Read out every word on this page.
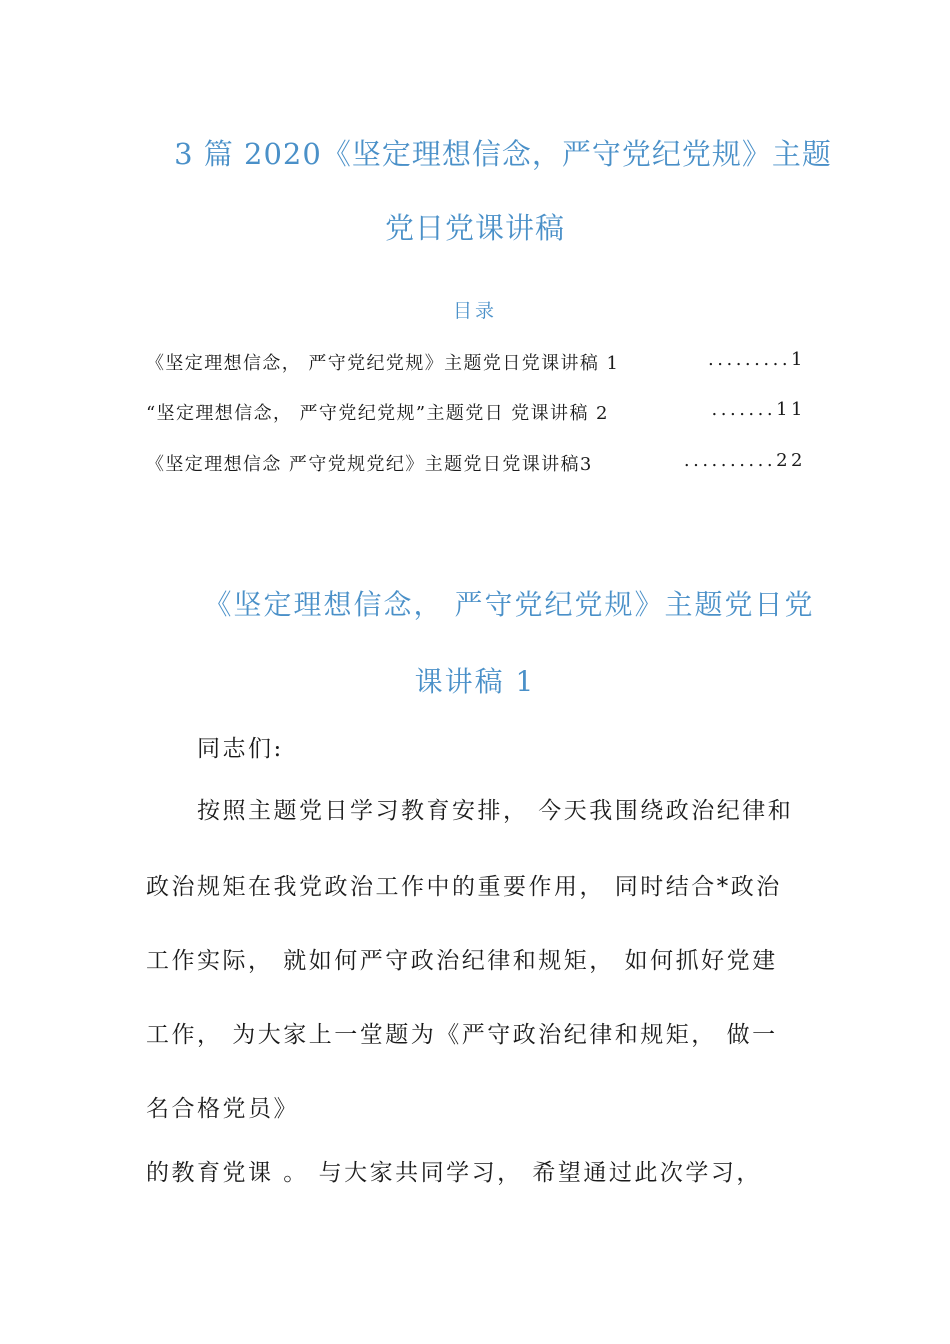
3 篇 2020《坚定理想信念，严守党纪党规》主题
党日党课讲稿
目录
《坚定理想信念， 严守党纪党规》主题党日党课讲稿 1	.........1
“坚定理想信念， 严守党纪党规”主题党日 党课讲稿 2	.......11
《坚定理想信念 严守党规党纪》主题党日党课讲稿3	..........22
《坚定理想信念， 严守党纪党规》主题党日党
课讲稿 1
同志们:
按照主题党日学习教育安排， 今天我围绕政治纪律和
政治规矩在我党政治工作中的重要作用， 同时结合*政治
工作实际， 就如何严守政治纪律和规矩， 如何抓好党建
工作， 为大家上一堂题为《严守政治纪律和规矩， 做一
名合格党员》
的教育党课 。 与大家共同学习， 希望通过此次学习，
